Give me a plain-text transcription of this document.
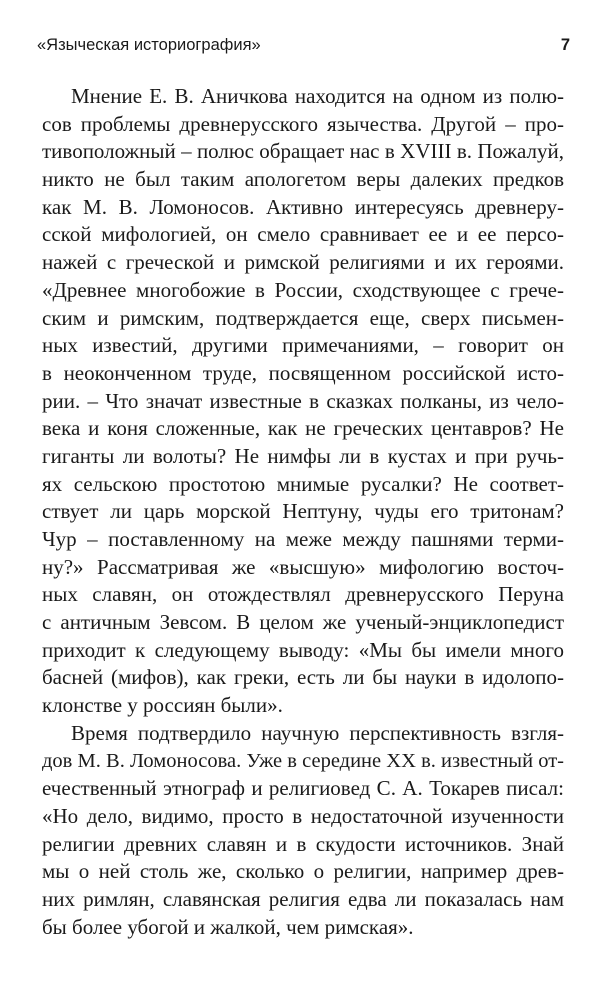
«Языческая историография»	7
Мнение Е. В. Аничкова находится на одном из полю-
сов проблемы древнерусского язычества. Другой – про-
тивоположный – полюс обращает нас в XVIII в. Пожалуй,
никто не был таким апологетом веры далеких предков
как М. В. Ломоносов. Активно интересуясь древнеру-
сской мифологией, он смело сравнивает ее и ее персо-
нажей с греческой и римской религиями и их героями.
«Древнее многобожие в России, сходствующее с грече-
ским и римским, подтверждается еще, сверх письмен-
ных известий, другими примечаниями, – говорит он
в неоконченном труде, посвященном российской исто-
рии. – Что значат известные в сказках полканы, из чело-
века и коня сложенные, как не греческих центавров? Не
гиганты ли волоты? Не нимфы ли в кустах и при ручь-
ях сельскою простотою мнимые русалки? Не соответ-
ствует ли царь морской Нептуну, чуды его тритонам?
Чур – поставленному на меже между пашнями терми-
ну?» Рассматривая же «высшую» мифологию восточ-
ных славян, он отождествлял древнерусского Перуна
с античным Зевсом. В целом же ученый-энциклопедист
приходит к следующему выводу: «Мы бы имели много
басней (мифов), как греки, есть ли бы науки в идолопо-
клонстве у россиян были».
Время подтвердило научную перспективность взгля-
дов М. В. Ломоносова. Уже в середине XX в. известный от-
ечественный этнограф и религиовед С. А. Токарев писал:
«Но дело, видимо, просто в недостаточной изученности
религии древних славян и в скудости источников. Знай
мы о ней столь же, сколько о религии, например древ-
них римлян, славянская религия едва ли показалась нам
бы более убогой и жалкой, чем римская».
